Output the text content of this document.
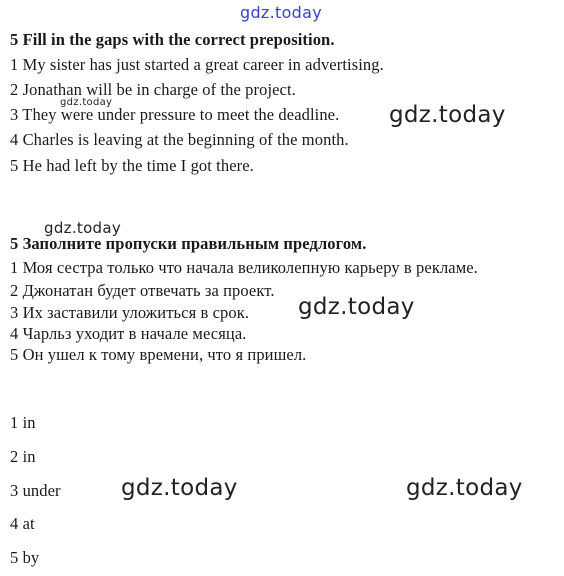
gdz.today
5 Fill in the gaps with the correct preposition.
1 My sister has just started a great career in advertising.
2 Jonathan will be in charge of the project.
3 They were under pressure to meet the deadline.
4 Charles is leaving at the beginning of the month.
5 He had left by the time I got there.
gdz.today	gdz.today
gdz.today
5 Заполните пропуски правильным предлогом.
1 Моя сестра только что начала великолепную карьеру в рекламе.
2 Джонатан будет отвечать за проект.
3 Их заставили уложиться в срок.
4 Чарльз уходит в начале месяца.
5 Он ушел к тому времени, что я пришел.
gdz.today
1 in
2 in
3 under
4 at
5 by
gdz.today	gdz.today
